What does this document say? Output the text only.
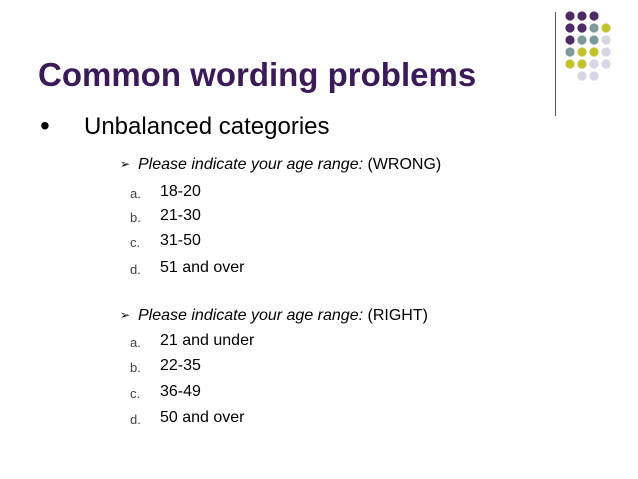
Common wording problems
• Unbalanced categories
➢ Please indicate your age range: (WRONG)
a. 18-20
b. 21-30
c. 31-50
d. 51 and over
➢ Please indicate your age range: (RIGHT)
a. 21 and under
b. 22-35
c. 36-49
d. 50 and over
